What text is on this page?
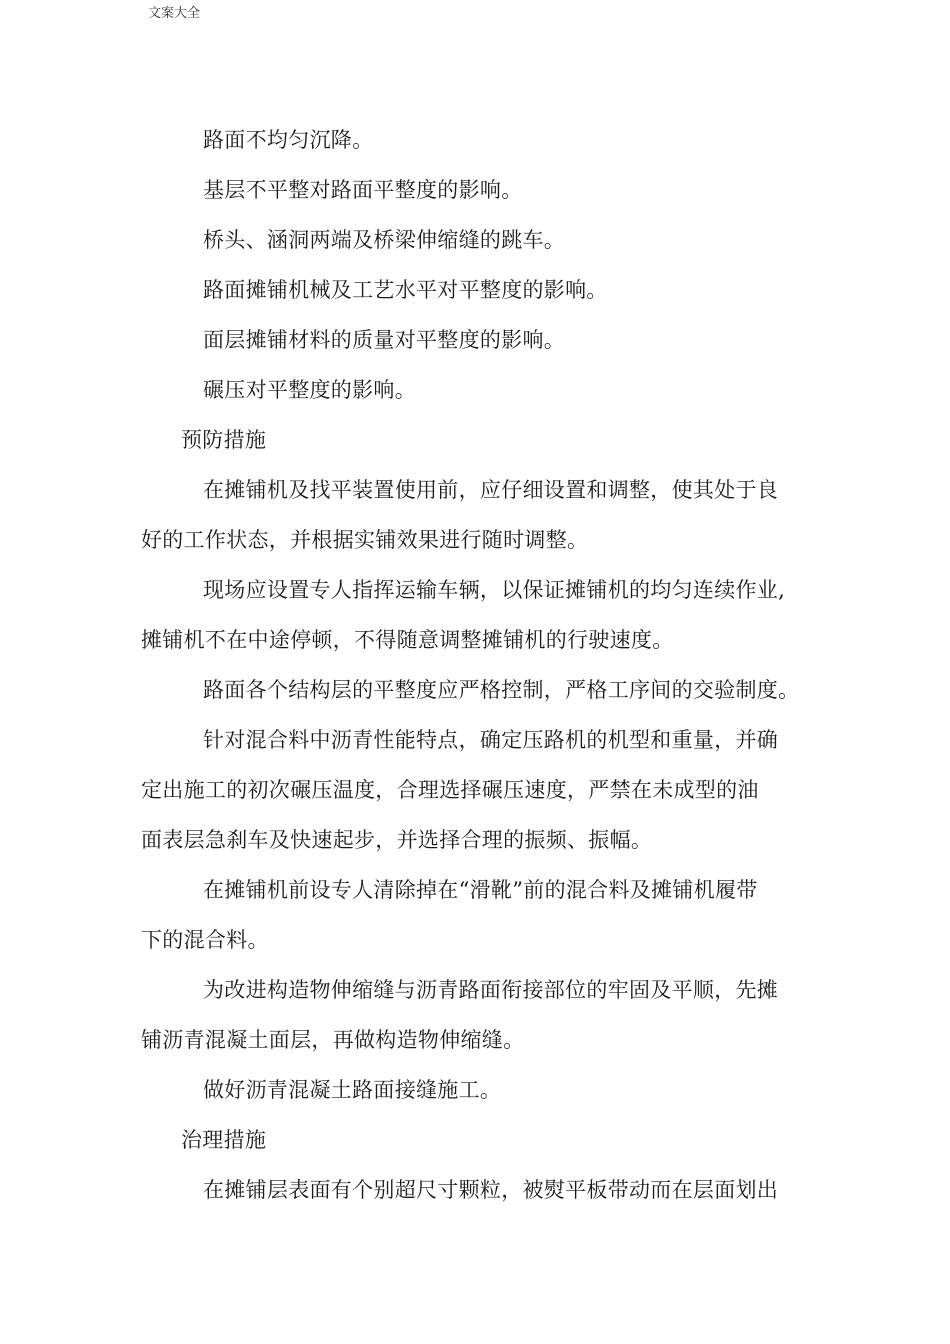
文案大全
路面不均匀沉降。
基层不平整对路面平整度的影响。
桥头、涵洞两端及桥梁伸缩缝的跳车。
路面摊铺机械及工艺水平对平整度的影响。
面层摊铺材料的质量对平整度的影响。
碾压对平整度的影响。
预防措施
在摊铺机及找平装置使用前，应仔细设置和调整，使其处于良
好的工作状态，并根据实铺效果进行随时调整。
现场应设置专人指挥运输车辆，以保证摊铺机的均匀连续作业,
摊铺机不在中途停顿，不得随意调整摊铺机的行驶速度。
路面各个结构层的平整度应严格控制，严格工序间的交验制度。
针对混合料中沥青性能特点，确定压路机的机型和重量，并确
定出施工的初次碾压温度，合理选择碾压速度，严禁在未成型的油
面表层急刹车及快速起步，并选择合理的振频、振幅。
在摊铺机前设专人清除掉在“滑靴”前的混合料及摊铺机履带
下的混合料。
为改进构造物伸缩缝与沥青路面衔接部位的牢固及平顺，先摊
铺沥青混凝土面层，再做构造物伸缩缝。
做好沥青混凝土路面接缝施工。
治理措施
在摊铺层表面有个别超尺寸颗粒，被熨平板带动而在层面划出
